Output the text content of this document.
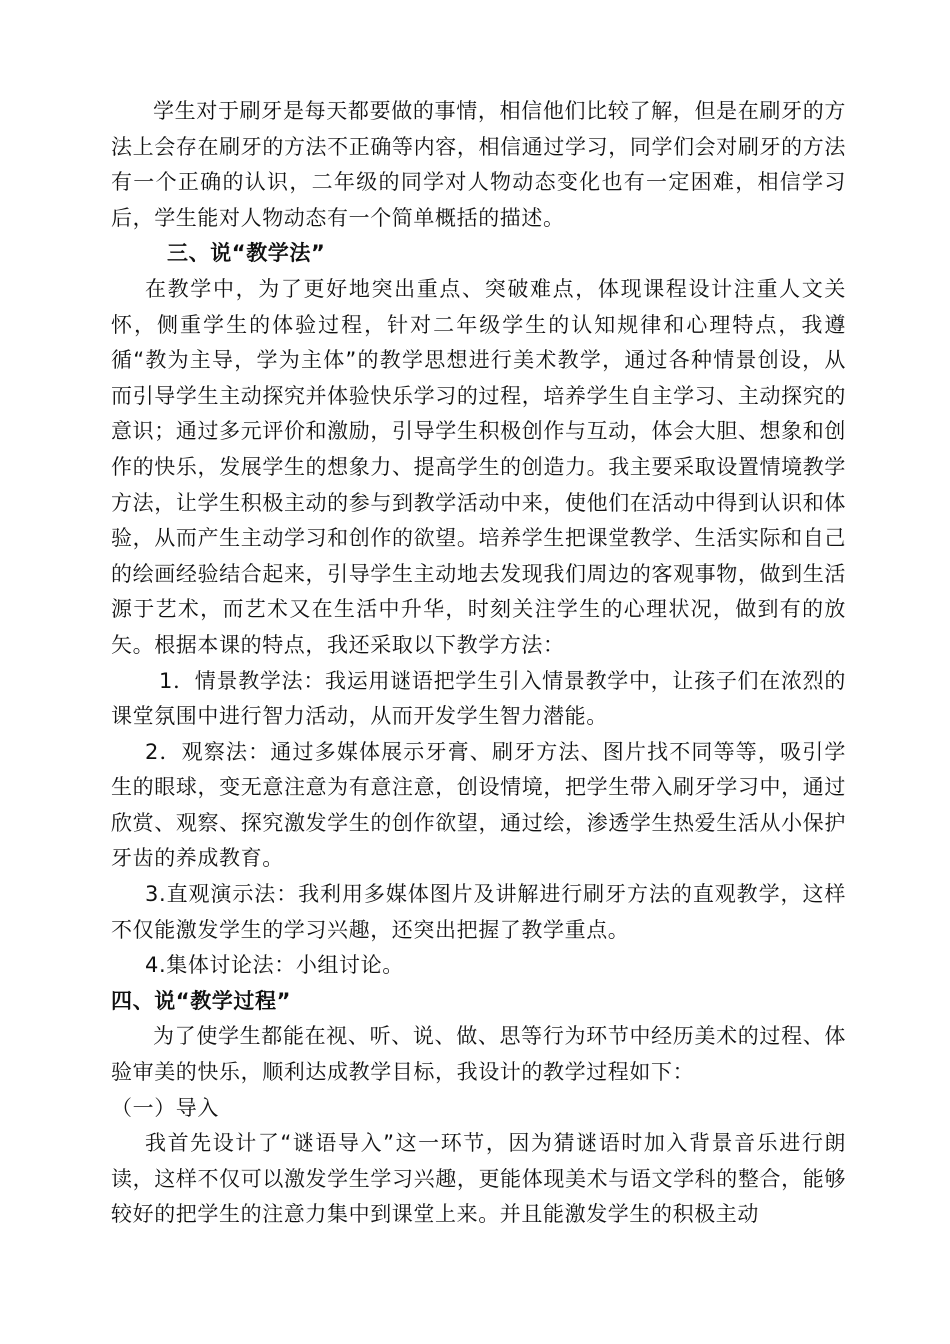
学生对于刷牙是每天都要做的事情，相信他们比较了解，但是在刷牙的方法上会存在刷牙的方法不正确等内容，相信通过学习，同学们会对刷牙的方法有一个正确的认识，二年级的同学对人物动态变化也有一定困难，相信学习后，学生能对人物动态有一个简单概括的描述。

三、说“教学法”

在教学中，为了更好地突出重点、突破难点，体现课程设计注重人文关怀，侧重学生的体验过程，针对二年级学生的认知规律和心理特点，我遵循“教为主导，学为主体”的教学思想进行美术教学，通过各种情景创设，从而引导学生主动探究并体验快乐学习的过程，培养学生自主学习、主动探究的意识；通过多元评价和激励，引导学生积极创作与互动，体会大胆、想象和创作的快乐，发展学生的想象力、提高学生的创造力。我主要采取设置情境教学方法，让学生积极主动的参与到教学活动中来，使他们在活动中得到认识和体验，从而产生主动学习和创作的欲望。培养学生把课堂教学、生活实际和自己的绘画经验结合起来，引导学生主动地去发现我们周边的客观事物，做到生活源于艺术，而艺术又在生活中升华，时刻关注学生的心理状况，做到有的放矢。根据本课的特点，我还采取以下教学方法：

1．情景教学法：我运用谜语把学生引入情景教学中，让孩子们在浓烈的课堂氛围中进行智力活动，从而开发学生智力潜能。

2．观察法：通过多媒体展示牙膏、刷牙方法、图片找不同等等，吸引学生的眼球，变无意注意为有意注意，创设情境，把学生带入刷牙学习中，通过欣赏、观察、探究激发学生的创作欲望，通过绘，渗透学生热爱生活从小保护牙齿的养成教育。

3.直观演示法：我利用多媒体图片及讲解进行刷牙方法的直观教学，这样不仅能激发学生的学习兴趣，还突出把握了教学重点。

4.集体讨论法：小组讨论。

四、说“教学过程”

为了使学生都能在视、听、说、做、思等行为环节中经历美术的过程、体验审美的快乐，顺利达成教学目标，我设计的教学过程如下：

（一）导入

我首先设计了“谜语导入”这一环节，因为猜谜语时加入背景音乐进行朗读，这样不仅可以激发学生学习兴趣，更能体现美术与语文学科的整合，能够较好的把学生的注意力集中到课堂上来。并且能激发学生的积极主动
